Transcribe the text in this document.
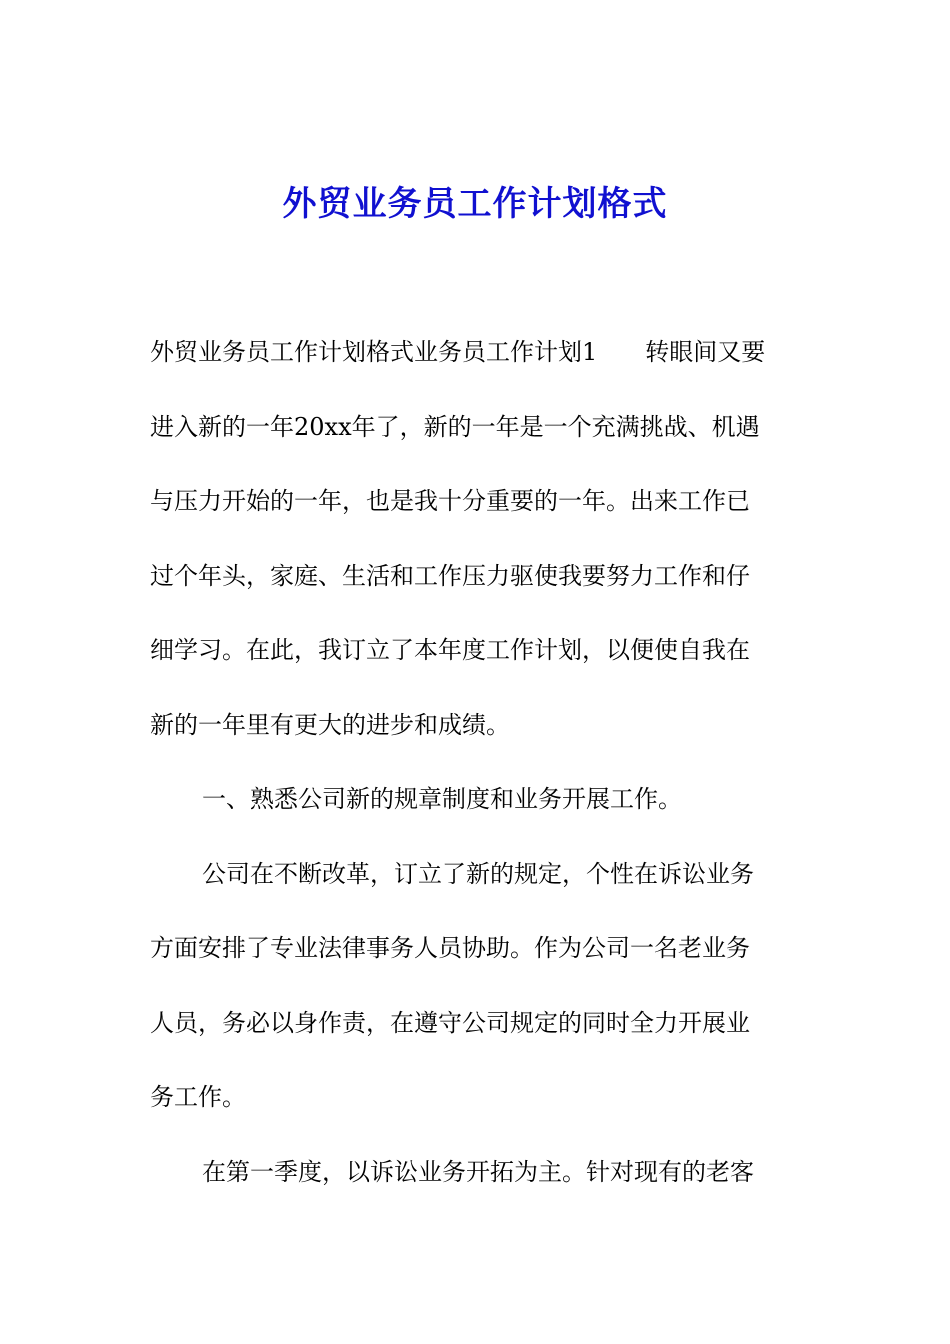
外贸业务员工作计划格式
外贸业务员工作计划格式业务员工作计划1　　转眼间又要
进入新的一年20xx年了，新的一年是一个充满挑战、机遇
与压力开始的一年，也是我十分重要的一年。出来工作已
过个年头，家庭、生活和工作压力驱使我要努力工作和仔
细学习。在此，我订立了本年度工作计划，以便使自我在
新的一年里有更大的进步和成绩。
一、熟悉公司新的规章制度和业务开展工作。
公司在不断改革，订立了新的规定，个性在诉讼业务
方面安排了专业法律事务人员协助。作为公司一名老业务
人员，务必以身作责，在遵守公司规定的同时全力开展业
务工作。
在第一季度，以诉讼业务开拓为主。针对现有的老客
